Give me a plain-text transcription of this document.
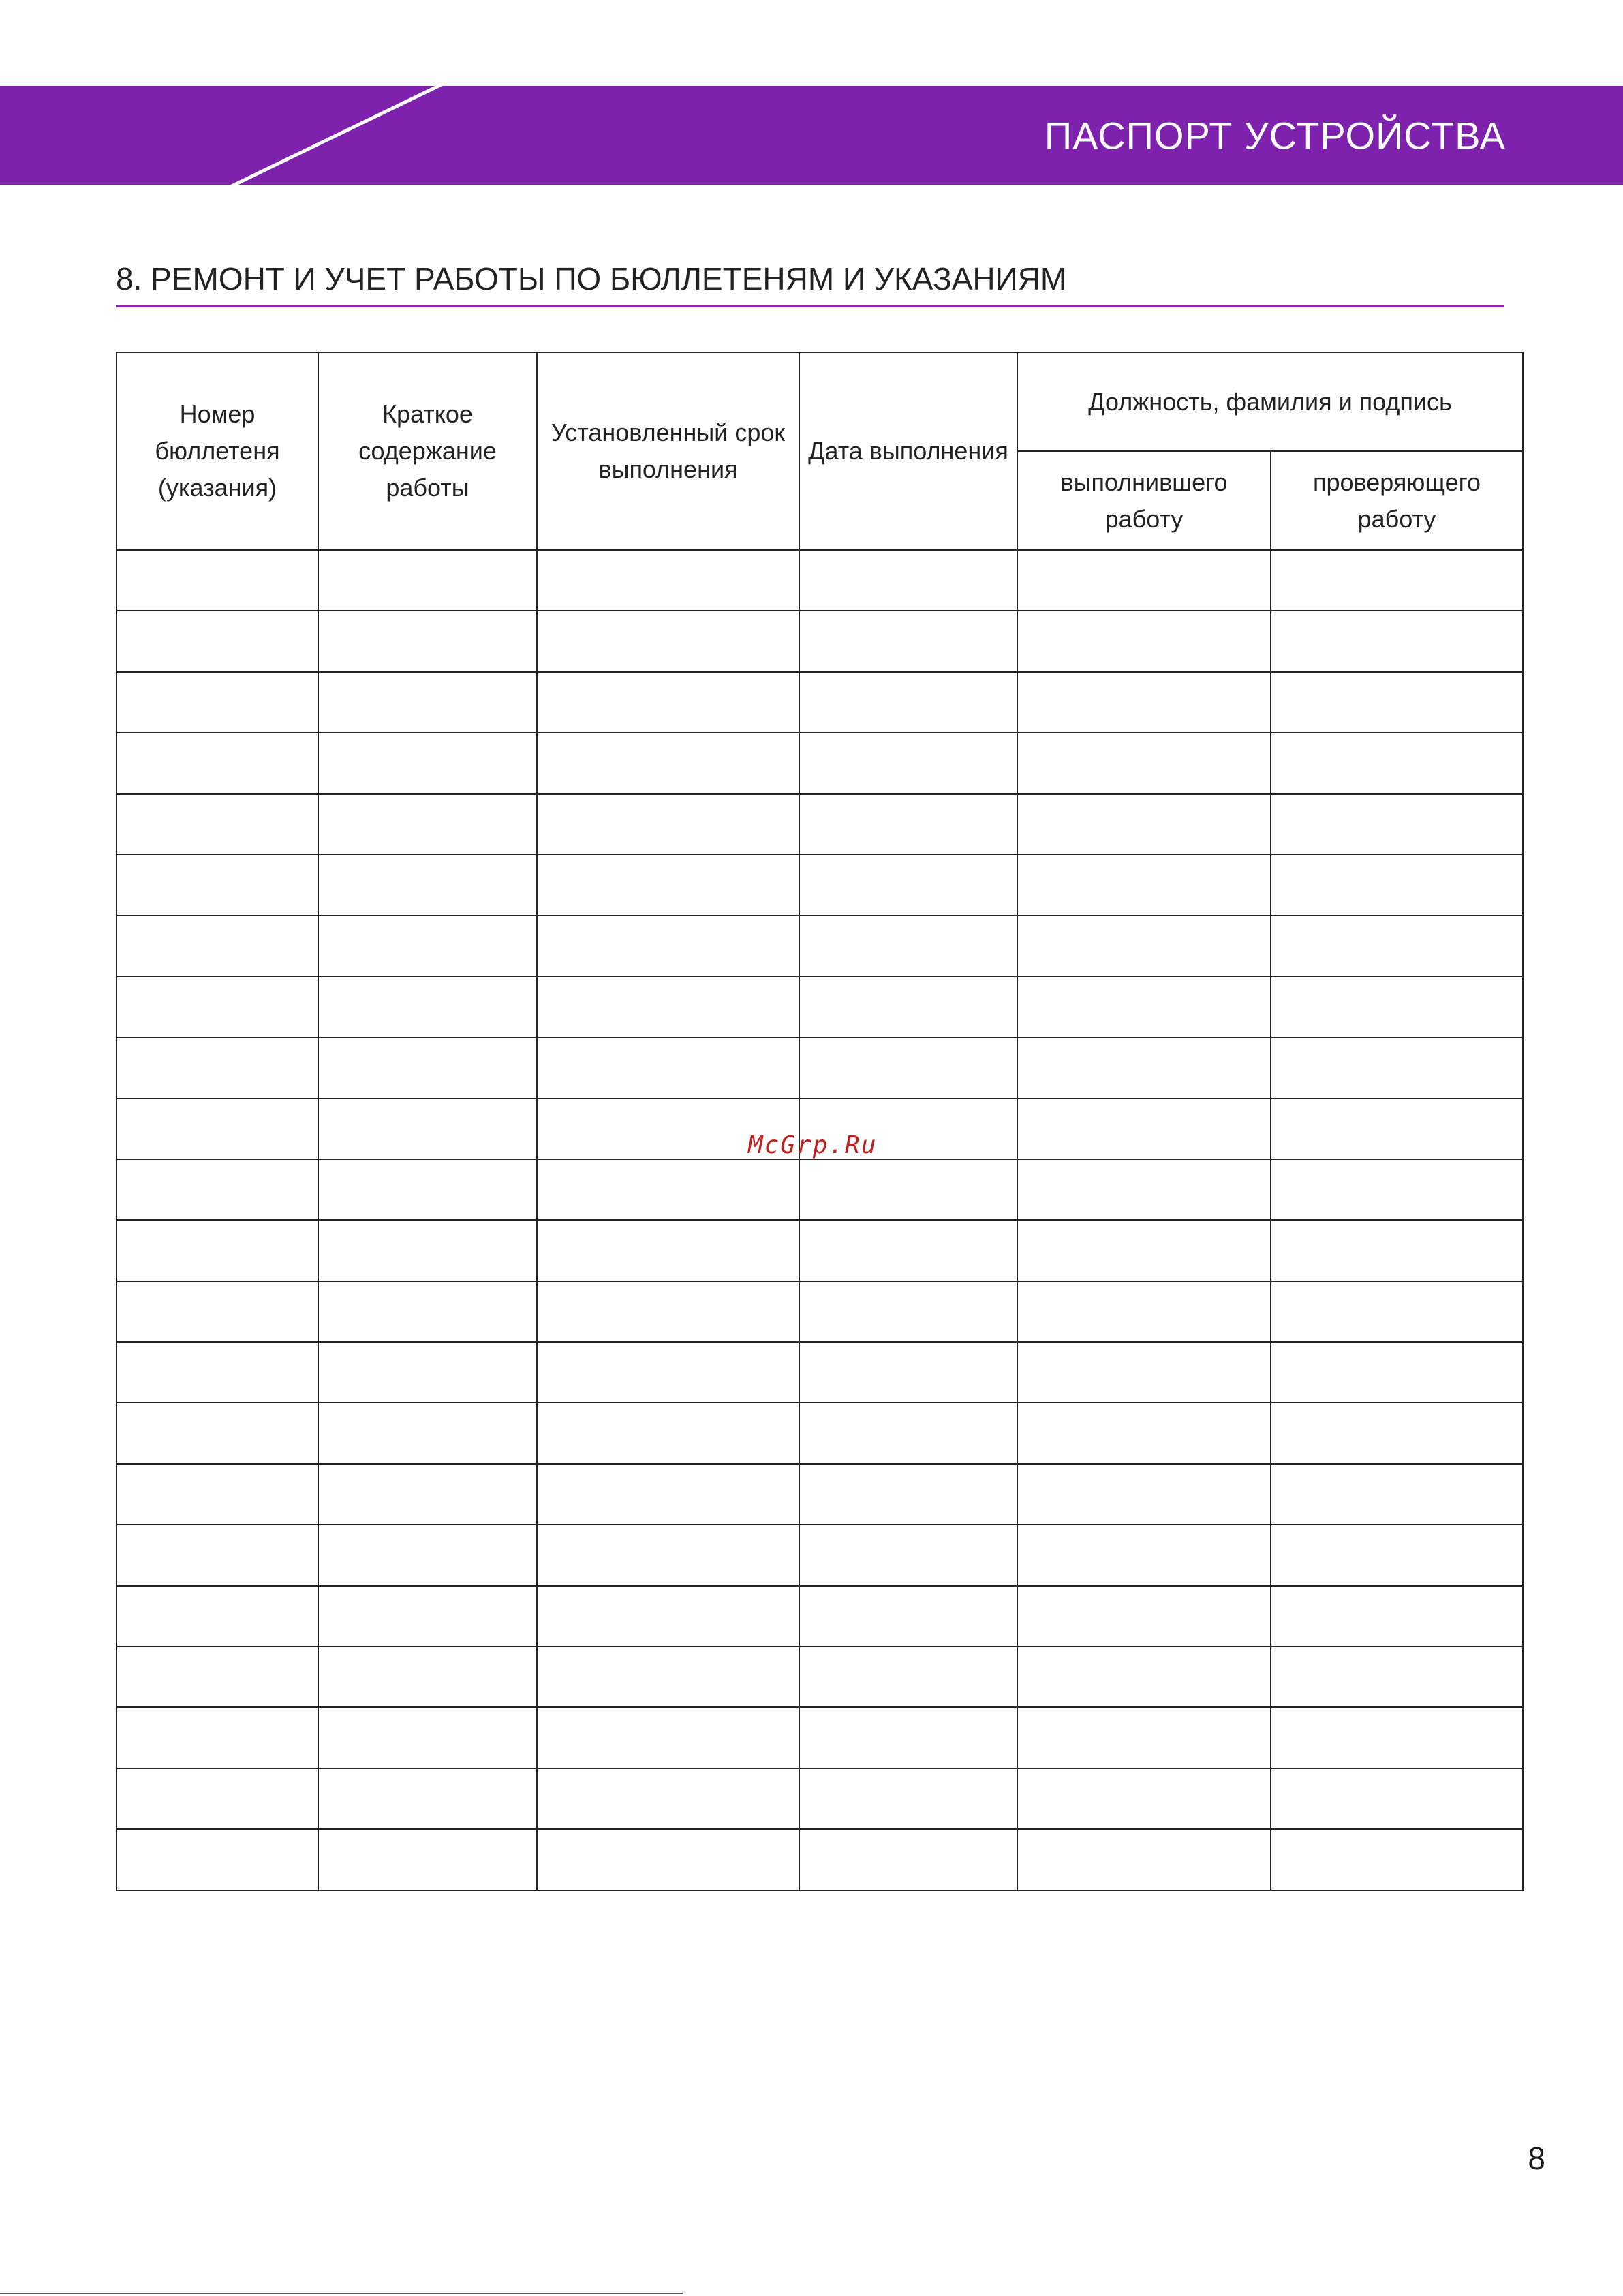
ПАСПОРТ УСТРОЙСТВА
8. РЕМОНТ И УЧЕТ РАБОТЫ ПО БЮЛЛЕТЕНЯМ И УКАЗАНИЯМ
Номер бюллетеня (указания)	Краткое содержание работы	Установленный срок выполнения	Дата выполнения	Должность, фамилия и подпись	
				выполнившего работу	проверяющего работу

McGrp.Ru
8
